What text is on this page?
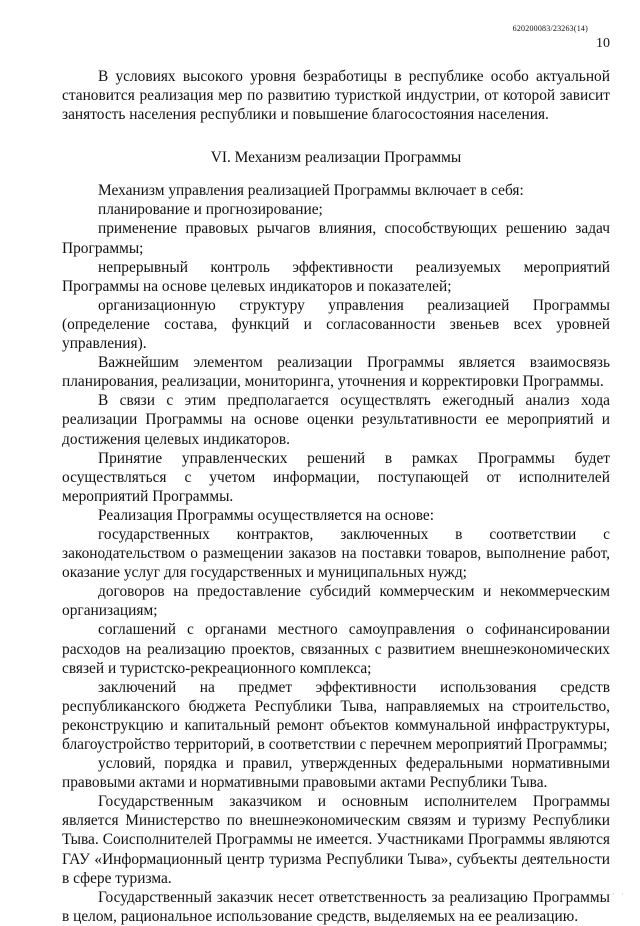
620200083/23263(14)

10

В условиях высокого уровня безработицы в республике особо актуальной становится реализация мер по развитию туристкой индустрии, от которой зависит занятость населения республики и повышение благосостояния населения.

VI. Механизм реализации Программы

Механизм управления реализацией Программы включает в себя:

планирование и прогнозирование;

применение правовых рычагов влияния, способствующих решению задач Программы;

непрерывный контроль эффективности реализуемых мероприятий Программы на основе целевых индикаторов и показателей;

организационную структуру управления реализацией Программы (определение состава, функций и согласованности звеньев всех уровней управления).

Важнейшим элементом реализации Программы является взаимосвязь планирования, реализации, мониторинга, уточнения и корректировки Программы.

В связи с этим предполагается осуществлять ежегодный анализ хода реализации Программы на основе оценки результативности ее мероприятий и достижения целевых индикаторов.

Принятие управленческих решений в рамках Программы будет осуществляться с учетом информации, поступающей от исполнителей мероприятий Программы.

Реализация Программы осуществляется на основе:

государственных контрактов, заключенных в соответствии с законодательством о размещении заказов на поставки товаров, выполнение работ, оказание услуг для государственных и муниципальных нужд;

договоров на предоставление субсидий коммерческим и некоммерческим организациям;

соглашений с органами местного самоуправления о софинансировании расходов на реализацию проектов, связанных с развитием внешнеэкономических связей и туристско-рекреационного комплекса;

заключений на предмет эффективности использования средств республиканского бюджета Республики Тыва, направляемых на строительство, реконструкцию и капитальный ремонт объектов коммунальной инфраструктуры, благоустройство территорий, в соответствии с перечнем мероприятий Программы;

условий, порядка и правил, утвержденных федеральными нормативными правовыми актами и нормативными правовыми актами Республики Тыва.

Государственным заказчиком и основным исполнителем Программы является Министерство по внешнеэкономическим связям и туризму Республики Тыва. Соисполнителей Программы не имеется. Участниками Программы являются ГАУ «Информационный центр туризма Республики Тыва», субъекты деятельности в сфере туризма.

Государственный заказчик несет ответственность за реализацию Программы в целом, рациональное использование средств, выделяемых на ее реализацию.

· ·
